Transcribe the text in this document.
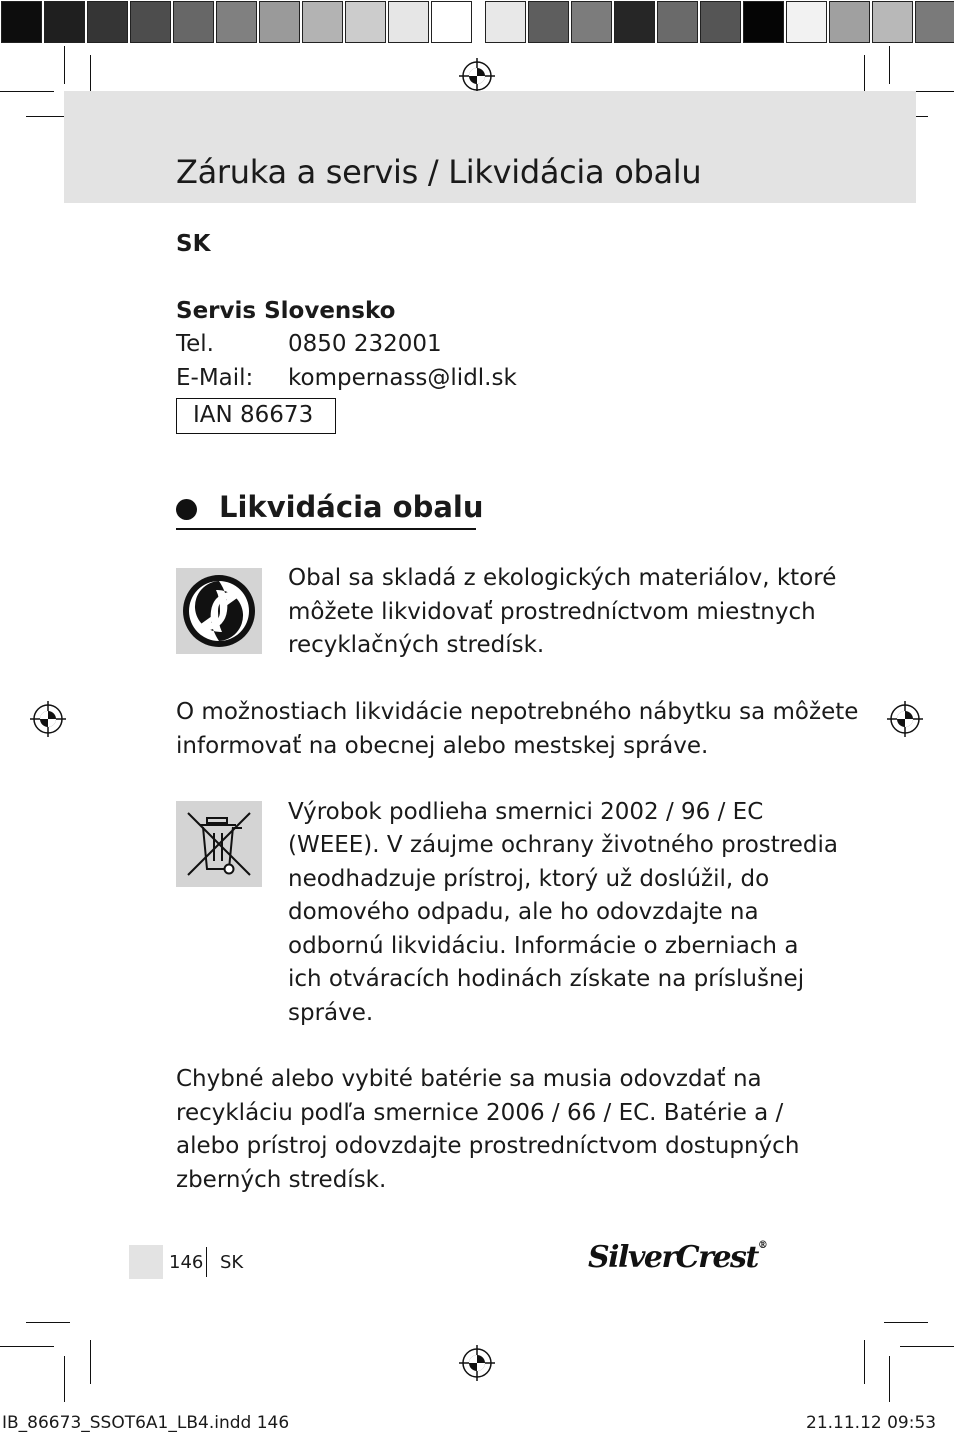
Záruka a servis / Likvidácia obalu
SK
Servis Slovensko
Tel.	0850 232001
E-Mail: kompernass@lidl.sk
IAN 86673
Likvidácia obalu
Obal sa skladá z ekologických materiálov, ktoré
môžete likvidovať prostredníctvom miestnych
recyklačných stredísk.
O možnostiach likvidácie nepotrebného nábytku sa môžete
informovať na obecnej alebo mestskej správe.
Výrobok podlieha smernici 2002 / 96 / EC
(WEEE). V záujme ochrany životného prostredia
neodhadzuje prístroj, ktorý už doslúžil, do
domového odpadu, ale ho odovzdajte na
odbornú likvidáciu. Informácie o zberniach a
ich otváracích hodinách získate na príslušnej
správe.
Chybné alebo vybité batérie sa musia odovzdať na
recykláciu podľa smernice 2006 / 66 / EC. Batérie a /
alebo prístroj odovzdajte prostredníctvom dostupných
zberných stredísk.
146 SK	SilverCrest®
IB_86673_SSOT6A1_LB4.indd 146	21.11.12 09:53
